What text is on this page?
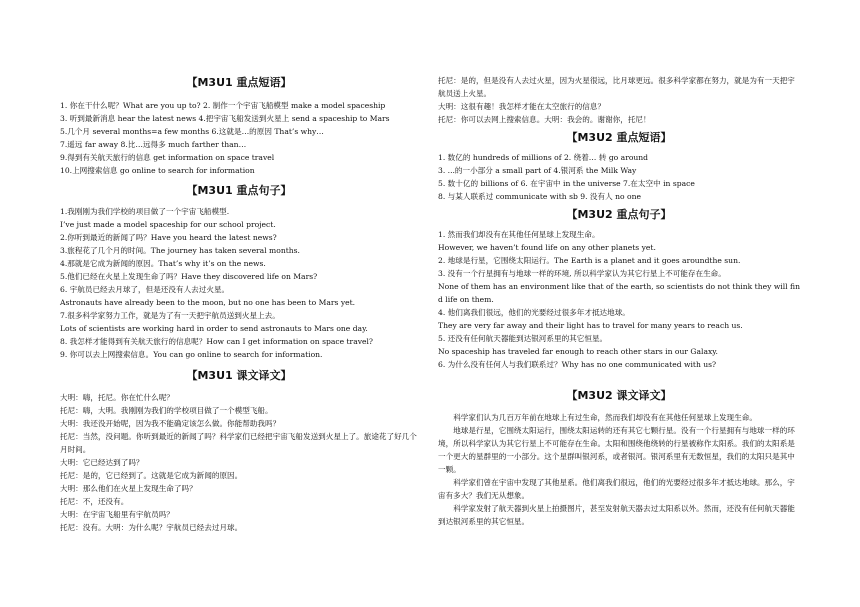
【M3U1 重点短语】

1. 你在干什么呢？What are you up to? 2. 制作一个宇宙飞船模型 make a model spaceship

3. 听到最新消息 hear the latest news 4.把宇宙飞船发送到火星上 send a spaceship to Mars

5.几个月 several months=a few months 6.这就是…的原因 That’s why…

7.遥远 far away 8.比…远得多 much farther than…

9.得到有关航天旅行的信息 get information on space travel

10.上网搜索信息 go online to search for information

【M3U1 重点句子】

1.我刚刚为我们学校的项目做了一个宇宙飞船模型.

I’ve just made a model spaceship for our school project.

2.你听到最近的新闻了吗？Have you heard the latest news?

3.旅程花了几个月的时间。The journey has taken several months.

4.那就是它成为新闻的原因。That’s why it’s on the news.

5.他们已经在火星上发现生命了吗？Have they discovered life on Mars?

6. 宇航员已经去月球了，但是还没有人去过火星。

Astronauts have already been to the moon, but no one has been to Mars yet.

7.很多科学家努力工作，就是为了有一天把宇航员送到火星上去。

Lots of scientists are working hard in order to send astronauts to Mars one day.

8. 我怎样才能得到有关航天旅行的信息呢？How can I get information on space travel?

9. 你可以去上网搜索信息。You can go online to search for information.

【M3U1 课文译文】

大明：嗨，托尼。你在忙什么呢？

托尼：嗨，大明。我刚刚为我们的学校项目做了一个模型飞船。

大明：我还没开始呢，因为我不能确定该怎么做。你能帮助我吗？

托尼：当然，没问题。你听到最近的新闻了吗？科学家们已经把宇宙飞船发送到火星上了。旅途花了好几个月时间。

大明：它已经达到了吗？

托尼：是的，它已经到了。这就是它成为新闻的原因。

大明：那么他们在火星上发现生命了吗？

托尼：不，还没有。

大明：在宇宙飞船里有宇航员吗？

托尼：没有。大明：为什么呢？宇航员已经去过月球。

托尼：是的，但是没有人去过火星，因为火星很远，比月球更远。很多科学家都在努力，就是为有一天把宇航员送上火星。

大明：这很有趣！我怎样才能在太空旅行的信息？

托尼：你可以去网上搜索信息。大明：我会的。谢谢你，托尼！

【M3U2 重点短语】

1. 数亿的 hundreds of millions of 2. 绕着… 转 go around

3. ...的一小部分 a small part of 4.银河系 the Milk Way

5. 数十亿的 billions of 6. 在宇宙中 in the universe 7.在太空中 in space

8. 与某人联系过 communicate with sb 9. 没有人 no one

【M3U2 重点句子】

1. 然而我们却没有在其他任何星球上发现生命。

However, we haven’t found life on any other planets yet.

2. 地球是行星，它围绕太阳运行。The Earth is a planet and it goes aroundthe sun.

3. 没有一个行星拥有与地球一样的环境, 所以科学家认为其它行星上不可能存在生命。

None of them has an environment like that of the earth, so scientists do not think they will find life on them.

4. 他们离我们很远，他们的光要经过很多年才抵达地球。

They are very far away and their light has to travel for many years to reach us.

5. 还没有任何航天器能到达银河系里的其它恒星。

No spaceship has traveled far enough to reach other stars in our Galaxy.

6. 为什么没有任何人与我们联系过？Why has no one communicated with us?

【M3U2 课文译文】

科学家们认为几百万年前在地球上有过生命，然而我们却没有在其他任何星球上发现生命。

地球是行星，它围绕太阳运行，围绕太阳运转的还有其它七颗行星。没有一个行星拥有与地球一样的环境，所以科学家认为其它行星上不可能存在生命。太阳和围绕他绕转的行星被称作太阳系。我们的太阳系是一个更大的星群里的一小部分。这个星群叫银河系，或者银河。银河系里有无数恒星，我们的太阳只是其中一颗。

科学家们曾在宇宙中发现了其他星系。他们离我们很远，他们的光要经过很多年才抵达地球。那么，宇宙有多大？我们无从想象。

科学家发射了航天器到火星上拍摄图片，甚至发射航天器去过太阳系以外。然而，还没有任何航天器能到达银河系里的其它恒星。
